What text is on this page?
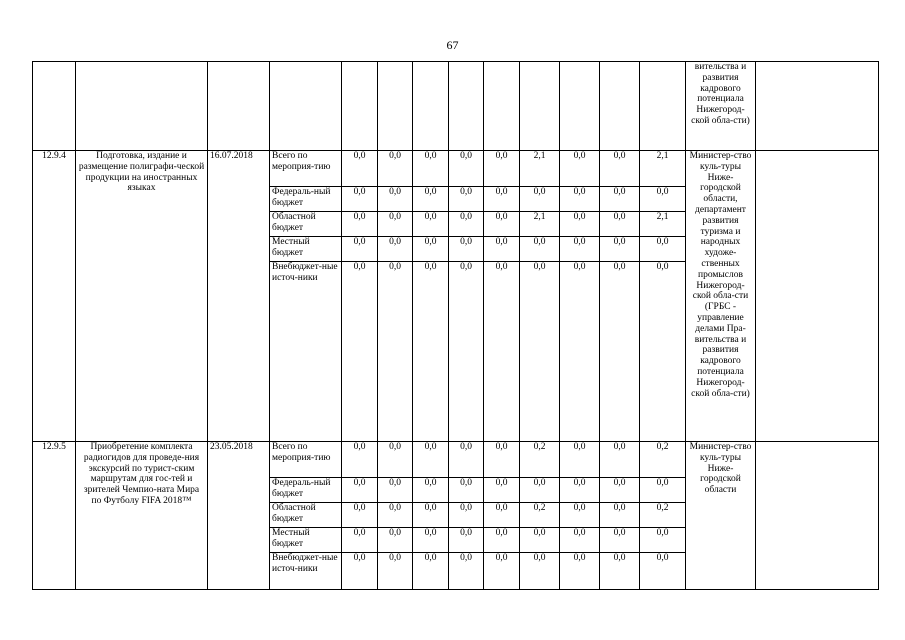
67
													вительства и развития кадрового потенциала Нижегород-ской обла-сти)	
12.9.4	Подготовка, издание и размещение полиграфи-ческой продукции на иностранных языках	16.07.2018	Всего по мероприя-тию	0,0	0,0	0,0	0,0	0,0	2,1	0,0	0,0	2,1	Министер-ство куль-туры Ниже-городской области, департамент развития туризма и народных художе-ственных промыслов Нижегород-ской обла-сти (ГРБС - управление делами Пра-вительства и развития кадрового потенциала Нижегород-ской обла-сти)	
			Федераль-ный бюджет	0,0	0,0	0,0	0,0	0,0	0,0	0,0	0,0	0,0		
			Областной бюджет	0,0	0,0	0,0	0,0	0,0	2,1	0,0	0,0	2,1		
			Местный бюджет	0,0	0,0	0,0	0,0	0,0	0,0	0,0	0,0	0,0		
			Внебюджет-ные источ-ники	0,0	0,0	0,0	0,0	0,0	0,0	0,0	0,0	0,0		
12.9.5	Приобретение комплекта радиогидов для проведе-ния экскурсий по турист-ским маршрутам для гос-тей и зрителей Чемпио-ната Мира по Футболу FIFA 2018™	23.05.2018	Всего по мероприя-тию	0,0	0,0	0,0	0,0	0,0	0,2	0,0	0,0	0,2	Министер-ство куль-туры Ниже-городской области	
			Федераль-ный бюджет	0,0	0,0	0,0	0,0	0,0	0,0	0,0	0,0	0,0		
			Областной бюджет	0,0	0,0	0,0	0,0	0,0	0,2	0,0	0,0	0,2		
			Местный бюджет	0,0	0,0	0,0	0,0	0,0	0,0	0,0	0,0	0,0		
			Внебюджет-ные источ-ники	0,0	0,0	0,0	0,0	0,0	0,0	0,0	0,0	0,0		
